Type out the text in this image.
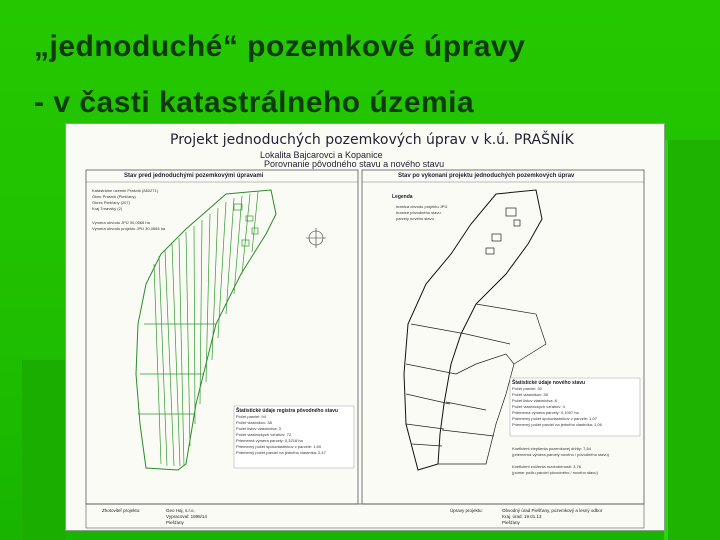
„jednoduché“ pozemkové úpravy
- v časti katastrálneho územia
Projekt jednoduchých pozemkových úprav v k.ú. PRAŠNÍK
Lokalita Bajcarovci a Kopanice
Porovnanie pôvodného stavu a nového stavu
Stav pred jednoduchými pozemkovými úpravami	Stav po vykonaní projektu jednoduchých pozemkových úprav
Katastrálne územie Prašník (860271)
Obec Prašník (Piešťany)
Okres Piešťany (207)
Kraj Trnavský (2)
Výmera obvodu JPÚ 30,0568 ha
Výmera obvodu projektu JPÚ 30,0565 ha
Legenda
hranica obvodu projektu JPÚ
hranice pôvodného stavu
parcely nového stavu
Štatistické údaje registra pôvodného stavu
Počet parciel: 94
Počet vlastníkov: 38
Počet listov vlastníctva: 3
Počet vlastníckych vzťahov: 72
Priemerná výmera parcely: 0,3218 ha
Priemerný počet spoluvlastníkov v parcele: 1,69
Priemerný počet parciel na jedného vlastníka: 2,47
Štatistické údaje nového stavu
Počet parciel: 30
Počet vlastníkov: 38
Počet listov vlastníctva: 8
Počet vlastníckych vzťahov: 4
Priemerná výmera parcely: 0,1007 ha
Priemerný počet spoluvlastníkov v parcele: 1,07
Priemerný počet parciel na jedného vlastníka: 1,06
Koeficient zlepšenia pozemkovej držby: 7,64
(priemerná výmera parcely nového / pôvodného stavu)
Koeficient zníženia rozdrobenosti: 3,76
(pomer počtu parciel pôvodného / nového stavu)
Zhotoviteľ projektu:	Geo Haj, s.r.o.
Vypracoval: 1998/14
Piešťany
Úpravy projektu:	Obvodný úrad Piešťany, pozemkový a lesný odbor
Kraj. úrad: 19.01.13
Piešťany
